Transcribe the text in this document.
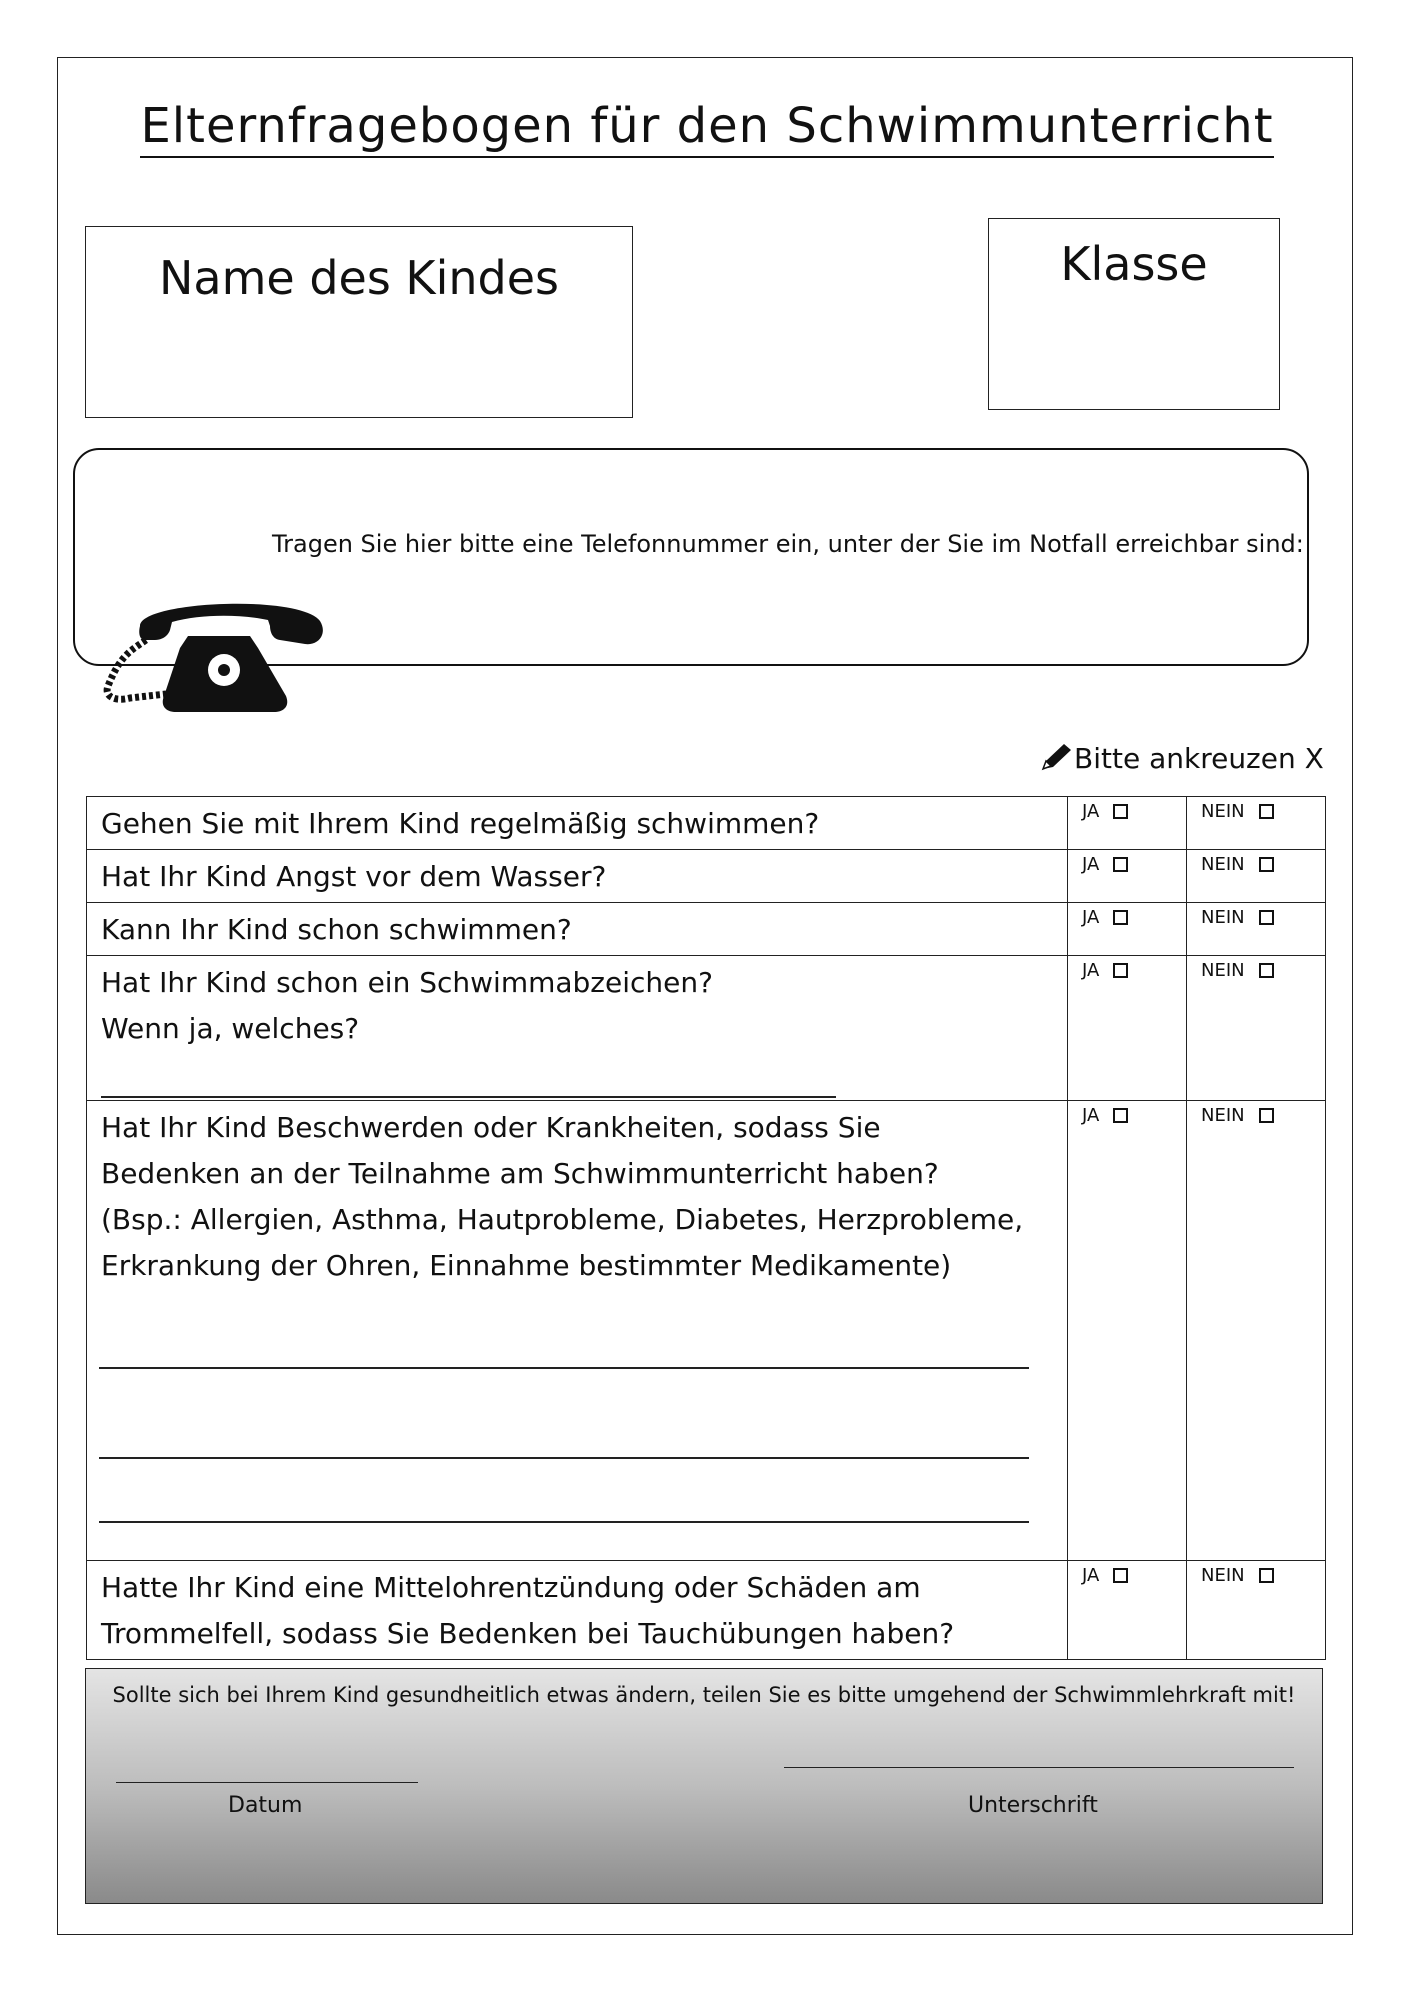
Elternfragebogen für den Schwimmunterricht
Name des Kindes	Klasse
Tragen Sie hier bitte eine Telefonnummer ein, unter der Sie im Notfall erreichbar sind:
Bitte ankreuzen X
Gehen Sie mit Ihrem Kind regelmäßig schwimmen?	JA	NEIN
Hat Ihr Kind Angst vor dem Wasser?	JA	NEIN
Kann Ihr Kind schon schwimmen?	JA	NEIN

Hat Ihr Kind schon ein Schwimmabzeichen?
Wenn ja, welches?	JA	NEIN

Hat Ihr Kind Beschwerden oder Krankheiten, sodass Sie Bedenken an der Teilnahme am Schwimmunterricht haben? (Bsp.: Allergien, Asthma, Hautprobleme, Diabetes, Herzprobleme, Erkrankung der Ohren, Einnahme bestimmter Medikamente)	JA	NEIN
Hatte Ihr Kind eine Mittelohrentzündung oder Schäden am Trommelfell, sodass Sie Bedenken bei Tauchübungen haben?	JA	NEIN
Sollte sich bei Ihrem Kind gesundheitlich etwas ändern, teilen Sie es bitte umgehend der Schwimmlehrkraft mit!
Datum	Unterschrift
